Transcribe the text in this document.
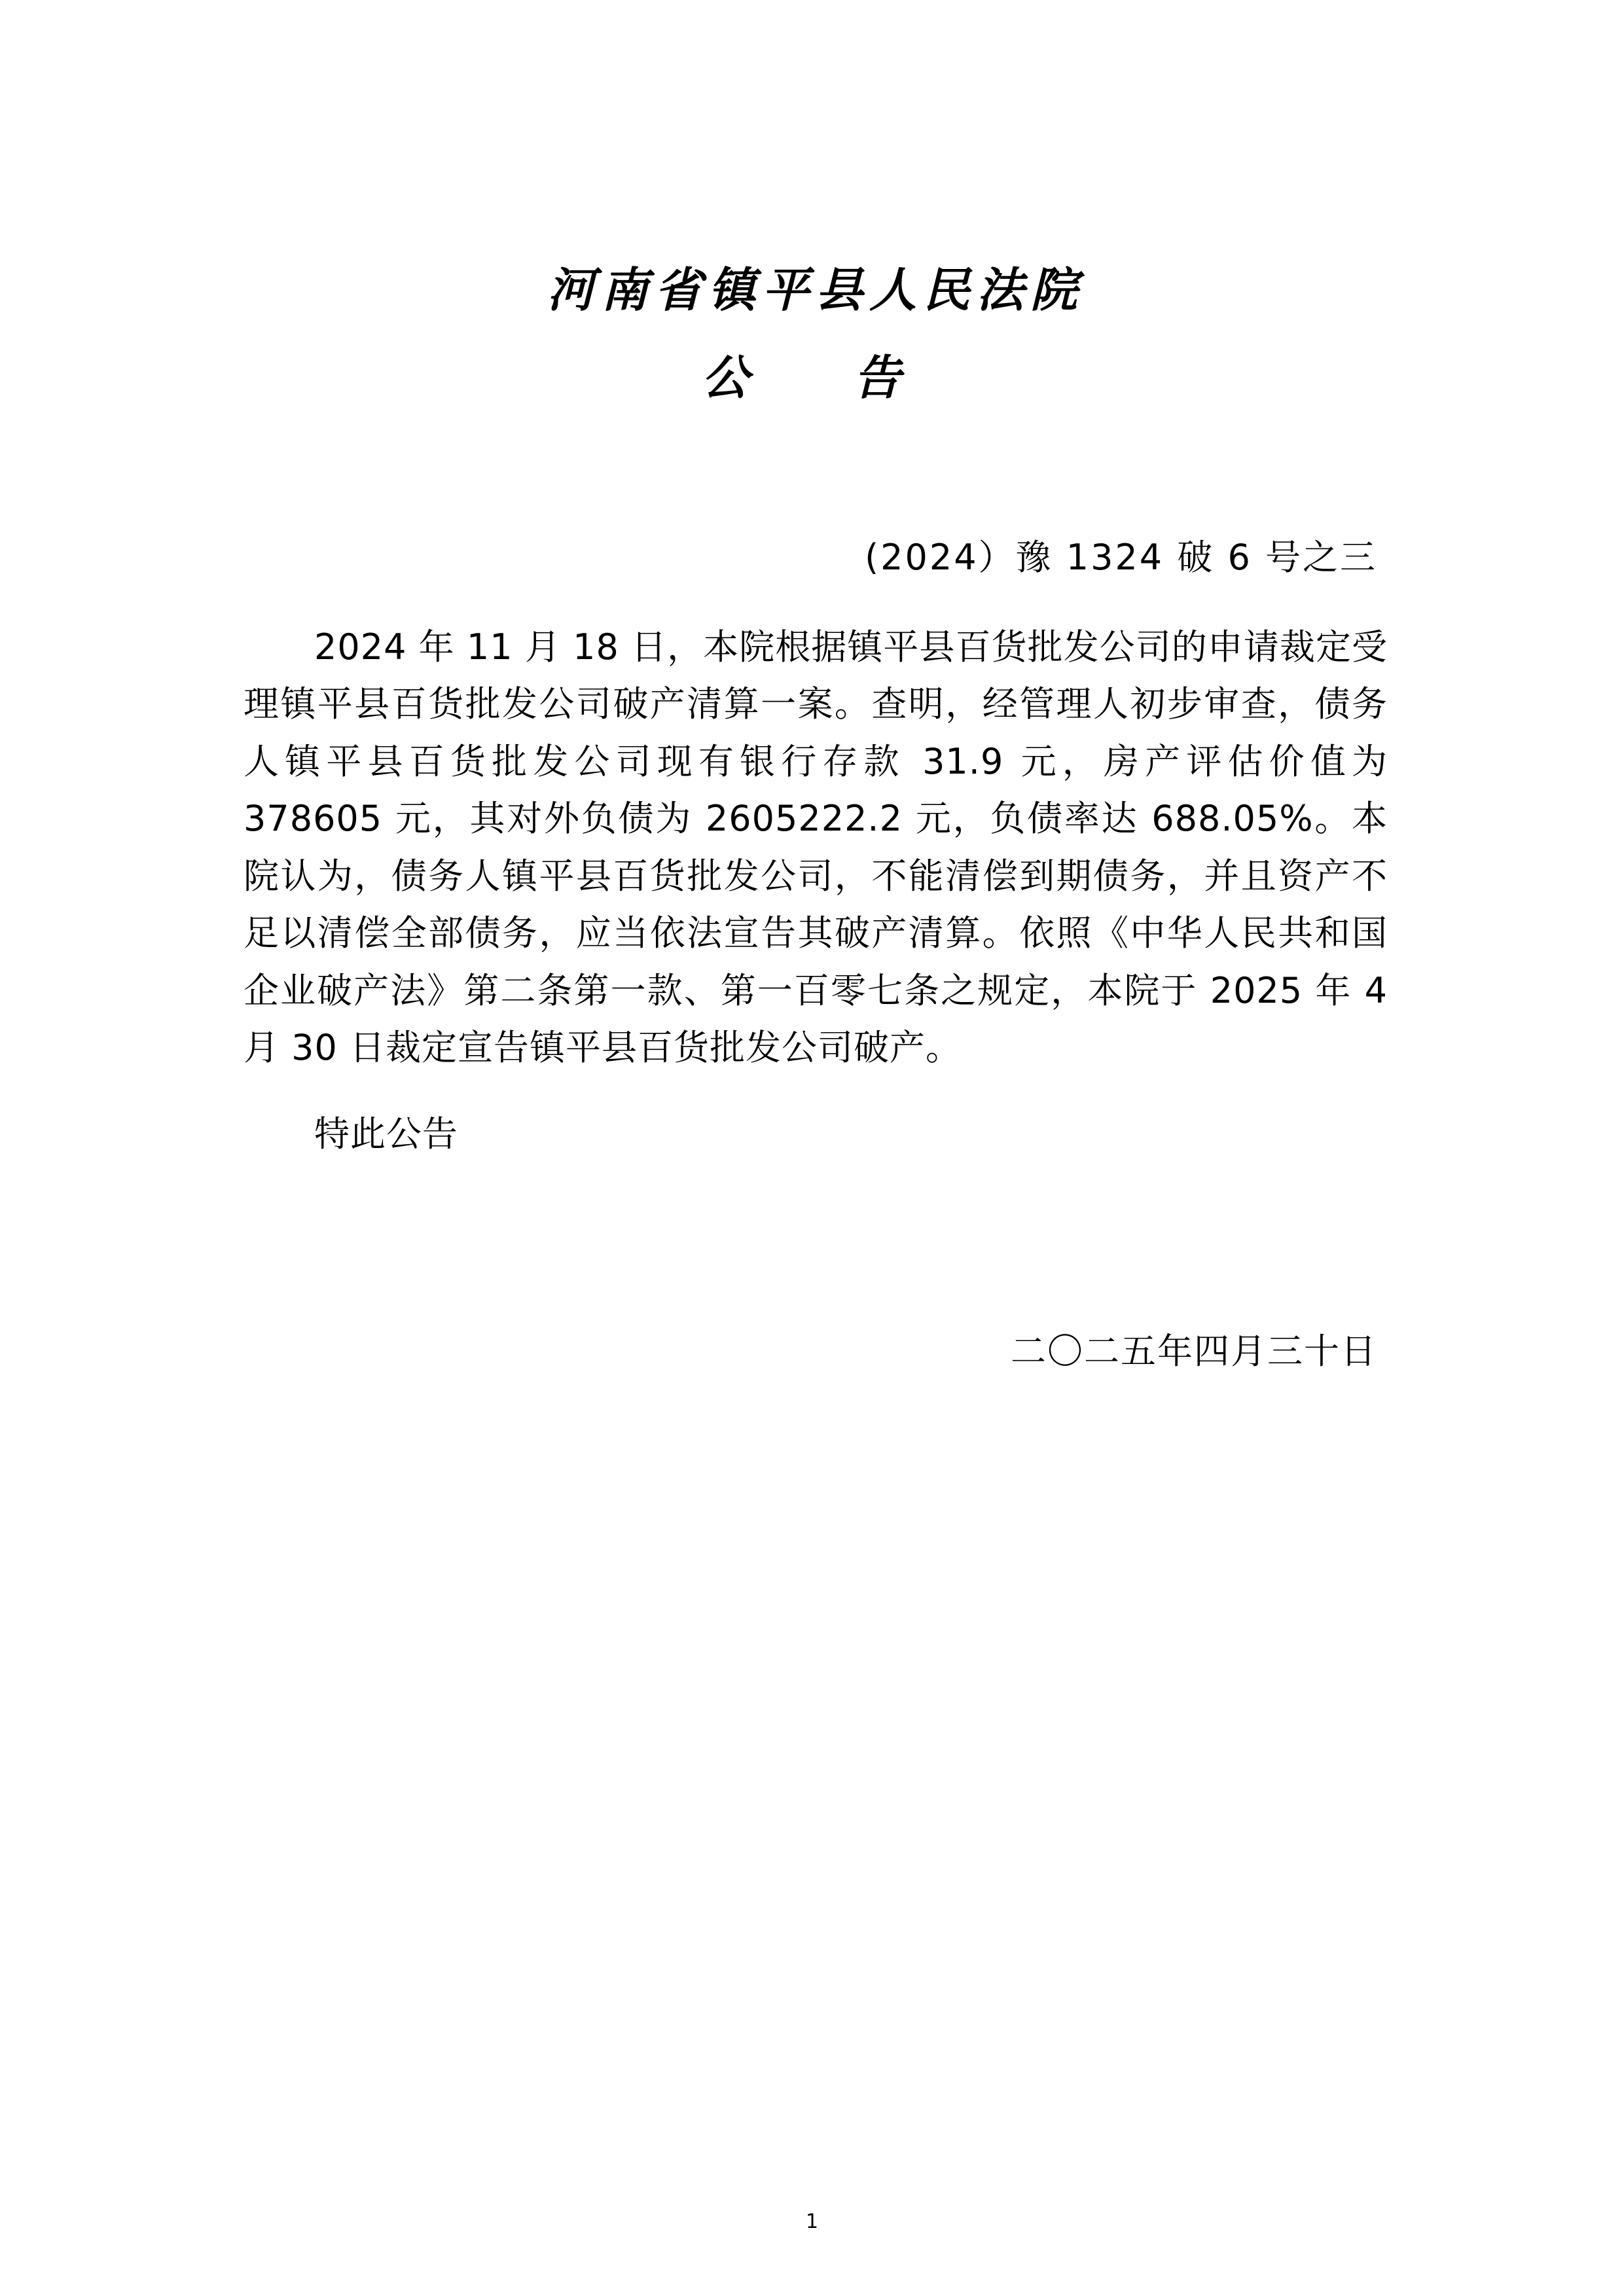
河南省镇平县人民法院
公　告
(2024）豫 1324 破 6 号之三
2024 年 11 月 18 日，本院根据镇平县百货批发公司的申请裁定受理镇平县百货批发公司破产清算一案。查明，经管理人初步审查，债务人镇平县百货批发公司现有银行存款 31.9 元，房产评估价值为 378605 元，其对外负债为 2605222.2 元，负债率达 688.05%。本院认为，债务人镇平县百货批发公司，不能清偿到期债务，并且资产不足以清偿全部债务，应当依法宣告其破产清算。依照《中华人民共和国企业破产法》第二条第一款、第一百零七条之规定，本院于 2025 年 4 月 30 日裁定宣告镇平县百货批发公司破产。
特此公告
二〇二五年四月三十日
1
